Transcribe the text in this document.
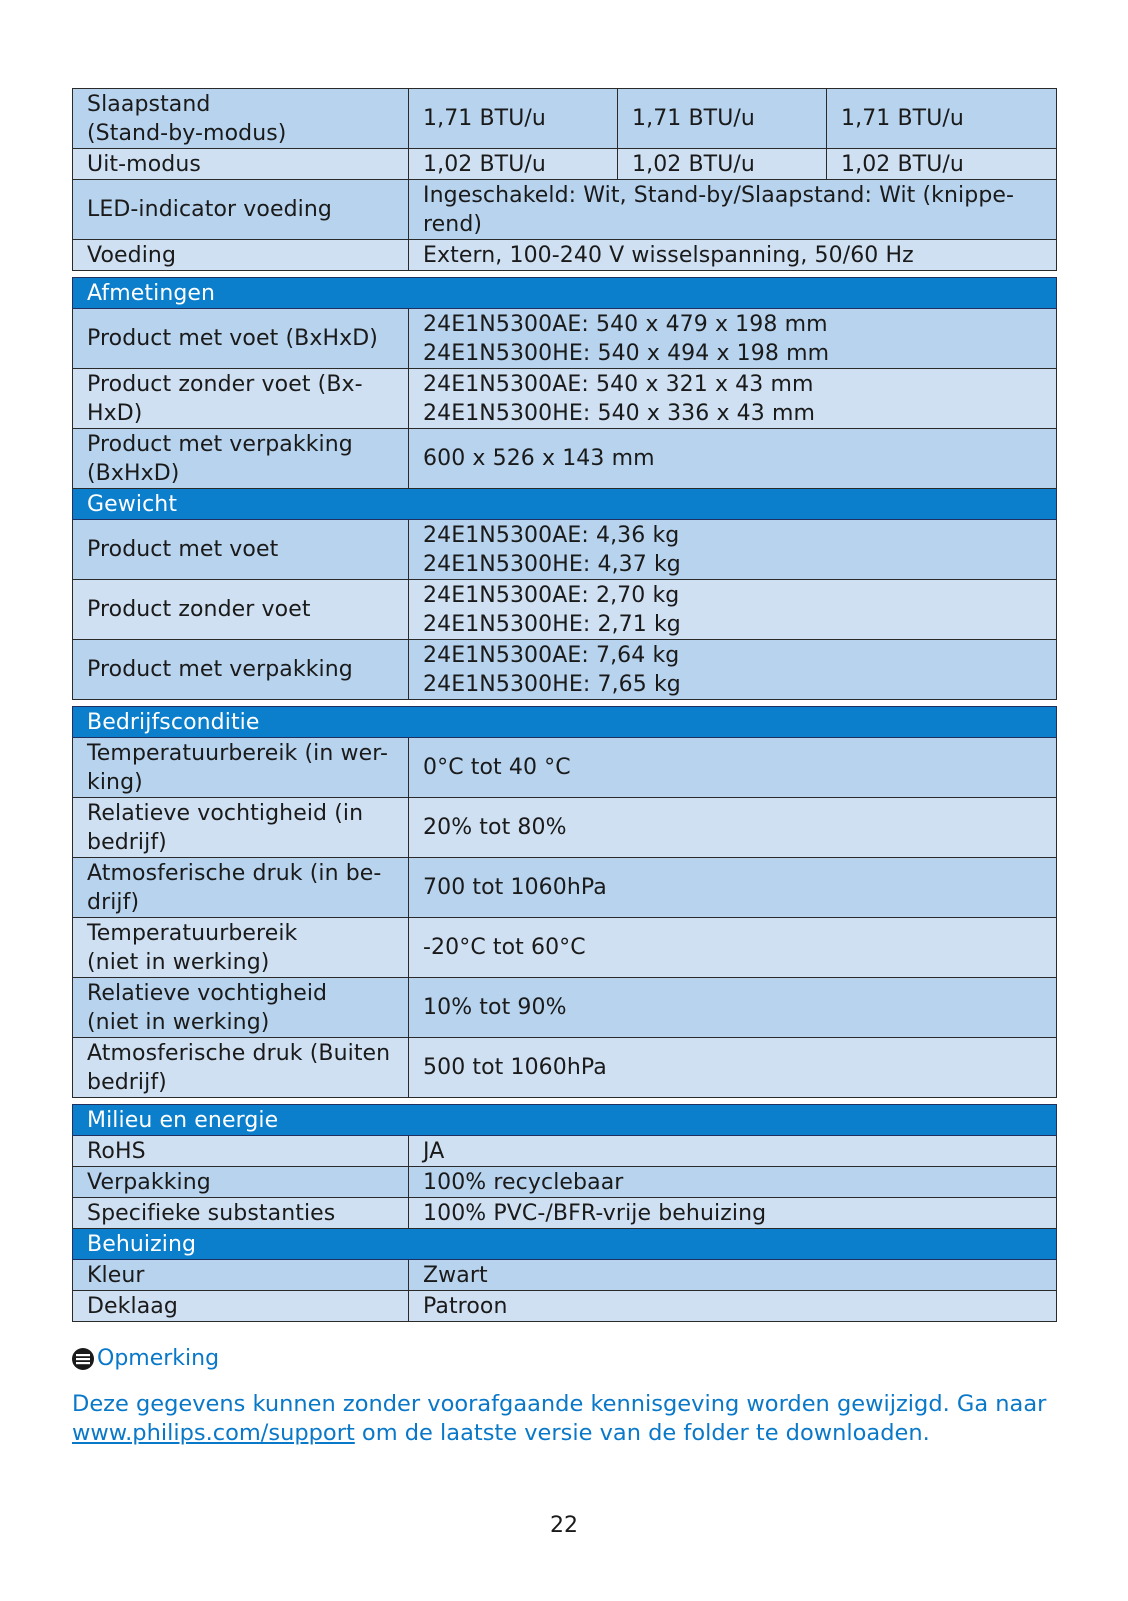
Slaapstand
(Stand-by-modus)	1,71 BTU/u	1,71 BTU/u	1,71 BTU/u
Uit-modus	1,02 BTU/u	1,02 BTU/u	1,02 BTU/u
LED-indicator voeding	Ingeschakeld: Wit, Stand-by/Slaapstand: Wit (knippe-
rend)		
Voeding	Extern, 100-240 V wisselspanning, 50/60 Hz		
Afmetingen	
Product met voet (BxHxD)	24E1N5300AE: 540 x 479 x 198 mm
24E1N5300HE: 540 x 494 x 198 mm
Product zonder voet (Bx-
HxD)	24E1N5300AE: 540 x 321 x 43 mm
24E1N5300HE: 540 x 336 x 43 mm
Product met verpakking
(BxHxD)	600 x 526 x 143 mm
Gewicht	
Product met voet	24E1N5300AE: 4,36 kg
24E1N5300HE: 4,37 kg
Product zonder voet	24E1N5300AE: 2,70 kg
24E1N5300HE: 2,71 kg
Product met verpakking	24E1N5300AE: 7,64 kg
24E1N5300HE: 7,65 kg
Bedrijfsconditie	
Temperatuurbereik (in wer-
king)	0°C tot 40 °C
Relatieve vochtigheid (in
bedrijf)	20% tot 80%
Atmosferische druk (in be-
drijf)	700 tot 1060hPa
Temperatuurbereik
(niet in werking)	-20°C tot 60°C
Relatieve vochtigheid
(niet in werking)	10% tot 90%
Atmosferische druk (Buiten
bedrijf)	500 tot 1060hPa
Milieu en energie	
RoHS	JA
Verpakking	100% recyclebaar
Specifieke substanties	100% PVC-/BFR-vrije behuizing
Behuizing	
Kleur	Zwart
Deklaag	Patroon
Opmerking
Deze gegevens kunnen zonder voorafgaande kennisgeving worden gewijzigd. Ga naar www.philips.com/support om de laatste versie van de folder te downloaden.
22
